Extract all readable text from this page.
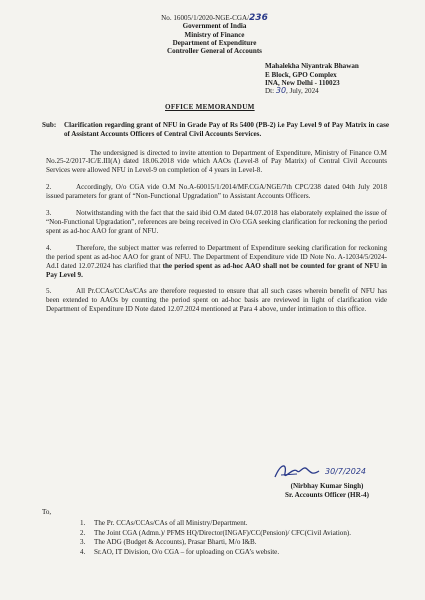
No. 16005/1/2020-NGE-CGA/236
Government of India
Ministry of Finance
Department of Expenditure
Controller General of Accounts
Mahalekha Niyantrak Bhawan
E Block, GPO Complex
INA, New Delhi - 110023
Dt: 30, July, 2024
OFFICE MEMORANDUM
Sub:	Clarification regarding grant of NFU in Grade Pay of Rs 5400 (PB-2) i.e Pay Level 9 of Pay Matrix in case of Assistant Accounts Officers of Central Civil Accounts Services.
The undersigned is directed to invite attention to Department of Expenditure, Ministry of Finance O.M No.25-2/2017-IC/E.III(A) dated 18.06.2018 vide which AAOs (Level-8 of Pay Matrix) of Central Civil Accounts Services were allowed NFU in Level-9 on completion of 4 years in Level-8.
2.	Accordingly, O/o CGA vide O.M No.A-60015/1/2014/MF.CGA/NGE/7th CPC/238 dated 04th July 2018 issued parameters for grant of “Non-Functional Upgradation” to Assistant Accounts Officers.
3.	Notwithstanding with the fact that the said ibid O.M dated 04.07.2018 has elaborately explained the issue of “Non-Functional Upgradation”, references are being received in O/o CGA seeking clarification for reckoning the period spent as ad-hoc AAO for grant of NFU.
4.	Therefore, the subject matter was referred to Department of Expenditure seeking clarification for reckoning the period spent as ad-hoc AAO for grant of NFU. The Department of Expenditure vide ID Note No. A-12034/5/2024-Ad.I dated 12.07.2024 has clarified that the period spent as ad-hoc AAO shall not be counted for grant of NFU in Pay Level 9.
5.	All Pr.CCAs/CCAs/CAs are therefore requested to ensure that all such cases wherein benefit of NFU has been extended to AAOs by counting the period spent on ad-hoc basis are reviewed in light of clarification vide Department of Expenditure ID Note dated 12.07.2024 mentioned at Para 4 above, under intimation to this office.
30/7/2024
(Nirbhay Kumar Singh)
Sr. Accounts Officer (HR-4)
To,
1.	The Pr. CCAs/CCAs/CAs of all Ministry/Department.
2.	The Joint CGA (Admn.)/ PFMS HQ/Director(INGAF)/CC(Pension)/ CFC(Civil Aviation).
3.	The ADG (Budget & Accounts), Prasar Bharti, M/o I&B.
4.	Sr.AO, IT Division, O/o CGA – for uploading on CGA’s website.
